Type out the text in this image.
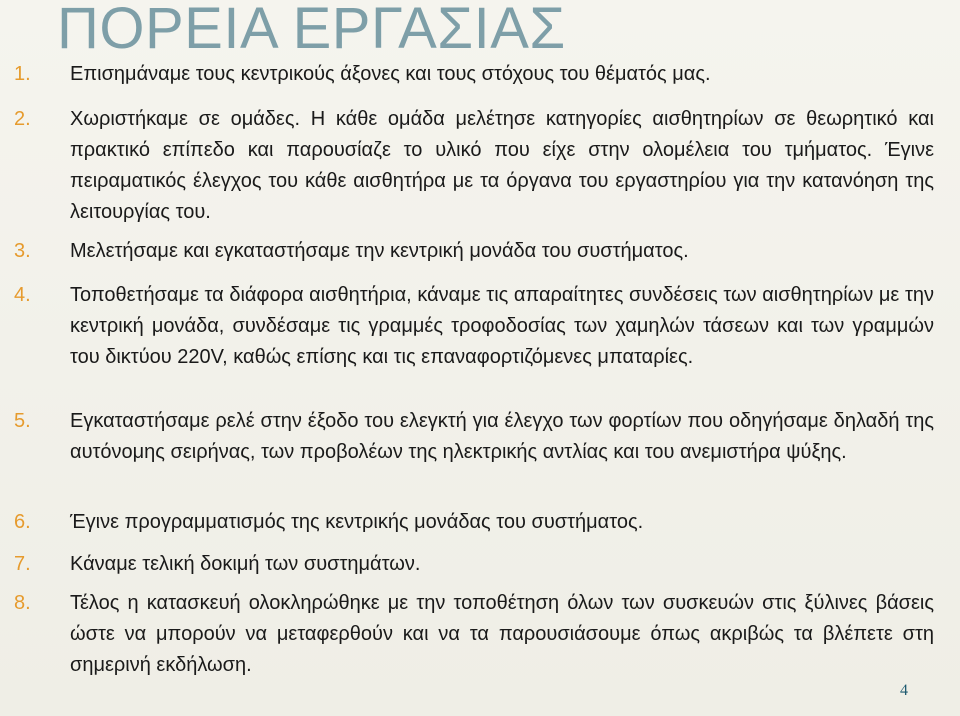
ΠΟΡΕΙΑ ΕΡΓΑΣΙΑΣ
1.	Επισημάναμε τους κεντρικούς άξονες και τους στόχους του θέματός μας.
2.	Χωριστήκαμε σε ομάδες. Η κάθε ομάδα μελέτησε κατηγορίες αισθητηρίων σε θεωρητικό και πρακτικό επίπεδο και παρουσίαζε το υλικό που είχε στην ολομέλεια του τμήματος. Έγινε πειραματικός έλεγχος του κάθε αισθητήρα με τα όργανα του εργαστηρίου για την κατανόηση της λειτουργίας του.
3.	Μελετήσαμε και εγκαταστήσαμε την κεντρική μονάδα του συστήματος.
4.	Τοποθετήσαμε τα διάφορα αισθητήρια, κάναμε τις απαραίτητες συνδέσεις των αισθητηρίων με την κεντρική μονάδα, συνδέσαμε τις γραμμές τροφοδοσίας των χαμηλών τάσεων και των γραμμών του δικτύου 220V, καθώς επίσης και τις επαναφορτιζόμενες μπαταρίες.
5.	Εγκαταστήσαμε ρελέ στην έξοδο του ελεγκτή για έλεγχο των φορτίων που οδηγήσαμε δηλαδή της αυτόνομης σειρήνας, των προβολέων της ηλεκτρικής αντλίας και του ανεμιστήρα ψύξης.
6.	Έγινε προγραμματισμός της κεντρικής μονάδας του συστήματος.
7.	Κάναμε τελική δοκιμή των συστημάτων.
8.	Τέλος η κατασκευή ολοκληρώθηκε με την τοποθέτηση όλων των συσκευών στις ξύλινες βάσεις ώστε να μπορούν να μεταφερθούν και να τα παρουσιάσουμε όπως ακριβώς τα βλέπετε στη σημερινή εκδήλωση.
4
